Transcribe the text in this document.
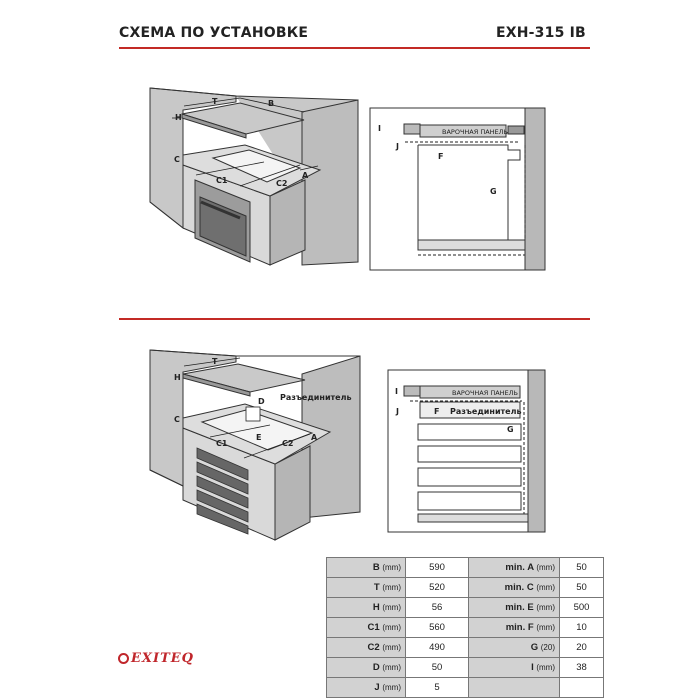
СХЕМА ПО УСТАНОВКЕ	EXH-315 IB
T	B
H
C
C1	C2
A
I
J
F
G
ВАРОЧНАЯ ПАНЕЛЬ
T
H
D Разъединитель
C
C1
E
C2
A
I
J	F
G
ВАРОЧНАЯ ПАНЕЛЬ
Разъединитель
B (mm)	590	min. A (mm)	50
T (mm)	520	min. C (mm)	50
H (mm)	56	min. E (mm)	500
C1 (mm)	560	min. F (mm)	10
C2 (mm)	490	G (20)	20
D (mm)	50	I (mm)	38
J (mm)	5		
EXITEQ
